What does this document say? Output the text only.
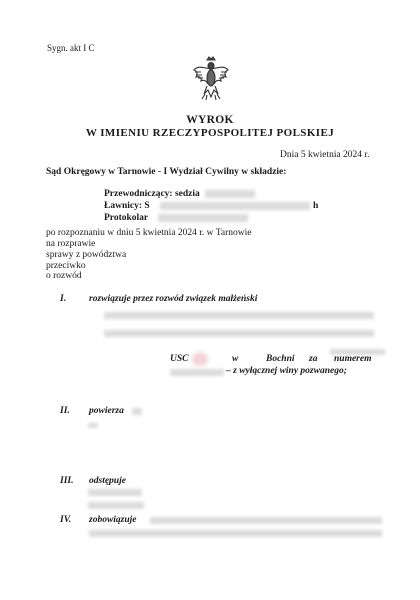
Sygn. akt I C
WYROK
W IMIENIU RZECZYPOSPOLITEJ POLSKIEJ
Dnia 5 kwietnia 2024 r.
Sąd Okręgowy w Tarnowie - I Wydział Cywilny w składzie:
Przewodniczący: sedzia
Ławnicy: S	h
Protokolar
po rozpoznaniu w dniu 5 kwietnia 2024 r. w Tarnowie
na rozprawie
sprawy z powództwa
przeciwko
o rozwód
I. rozwiązuje przez rozwód związek małżeński
USC	w	Bochni za numerem
– z wyłącznej winy pozwanego;
II. powierza
III. odstępuje
IV. zobowiązuje
